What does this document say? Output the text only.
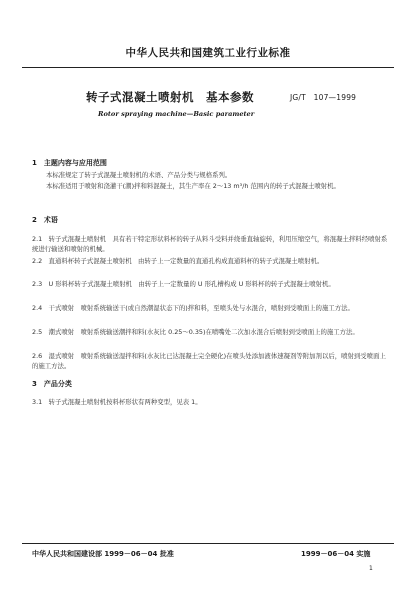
中华人民共和国建筑工业行业标准
转子式混凝土喷射机　基本参数	JG/T　107—1999
Rotor spraying machine—Basic parameter
1　主题内容与应用范围
本标准规定了转子式混凝土喷射机的术语、产品分类与规格系列。
本标准适用于喷射和浇灌干(潮)拌和料混凝土，其生产率在 2～13 m³/h 范围内的转子式混凝土喷射机。
2　术语
2.1　转子式混凝土喷射机　具有若干特定形状料杯的转子从料斗受料并绕垂直轴旋转，利用压缩空气，将混凝土拌料经喷射系统进行输送和喷射的机械。
2.2　直通料杯转子式混凝土喷射机　由转子上一定数量的直通孔构成直通料杯的转子式混凝土喷射机。
2.3　U 形料杯转子式混凝土喷射机　由转子上一定数量的 U 形孔槽构成 U 形料杯的转子式混凝土喷射机。
2.4　干式喷射　喷射系统输送干(或自然潮湿状态下的)拌和料，至喷头处与水混合，喷射到受喷面上的施工方法。
2.5　潮式喷射　喷射系统输送潮拌和料(水灰比 0.25～0.35)在喷嘴处二次加水混合后喷射到受喷面上的施工方法。
2.6　湿式喷射　喷射系统输送湿拌和料(水灰比已达混凝土完全硬化)在喷头处添加液体速凝剂等附加剂以后，喷射到受喷面上的施工方法。
3　产品分类
3.1　转子式混凝土喷射机按料杯形状有两种变型，见表 1。
中华人民共和国建设部 1999－06－04 批准	1999－06－04 实施
1
